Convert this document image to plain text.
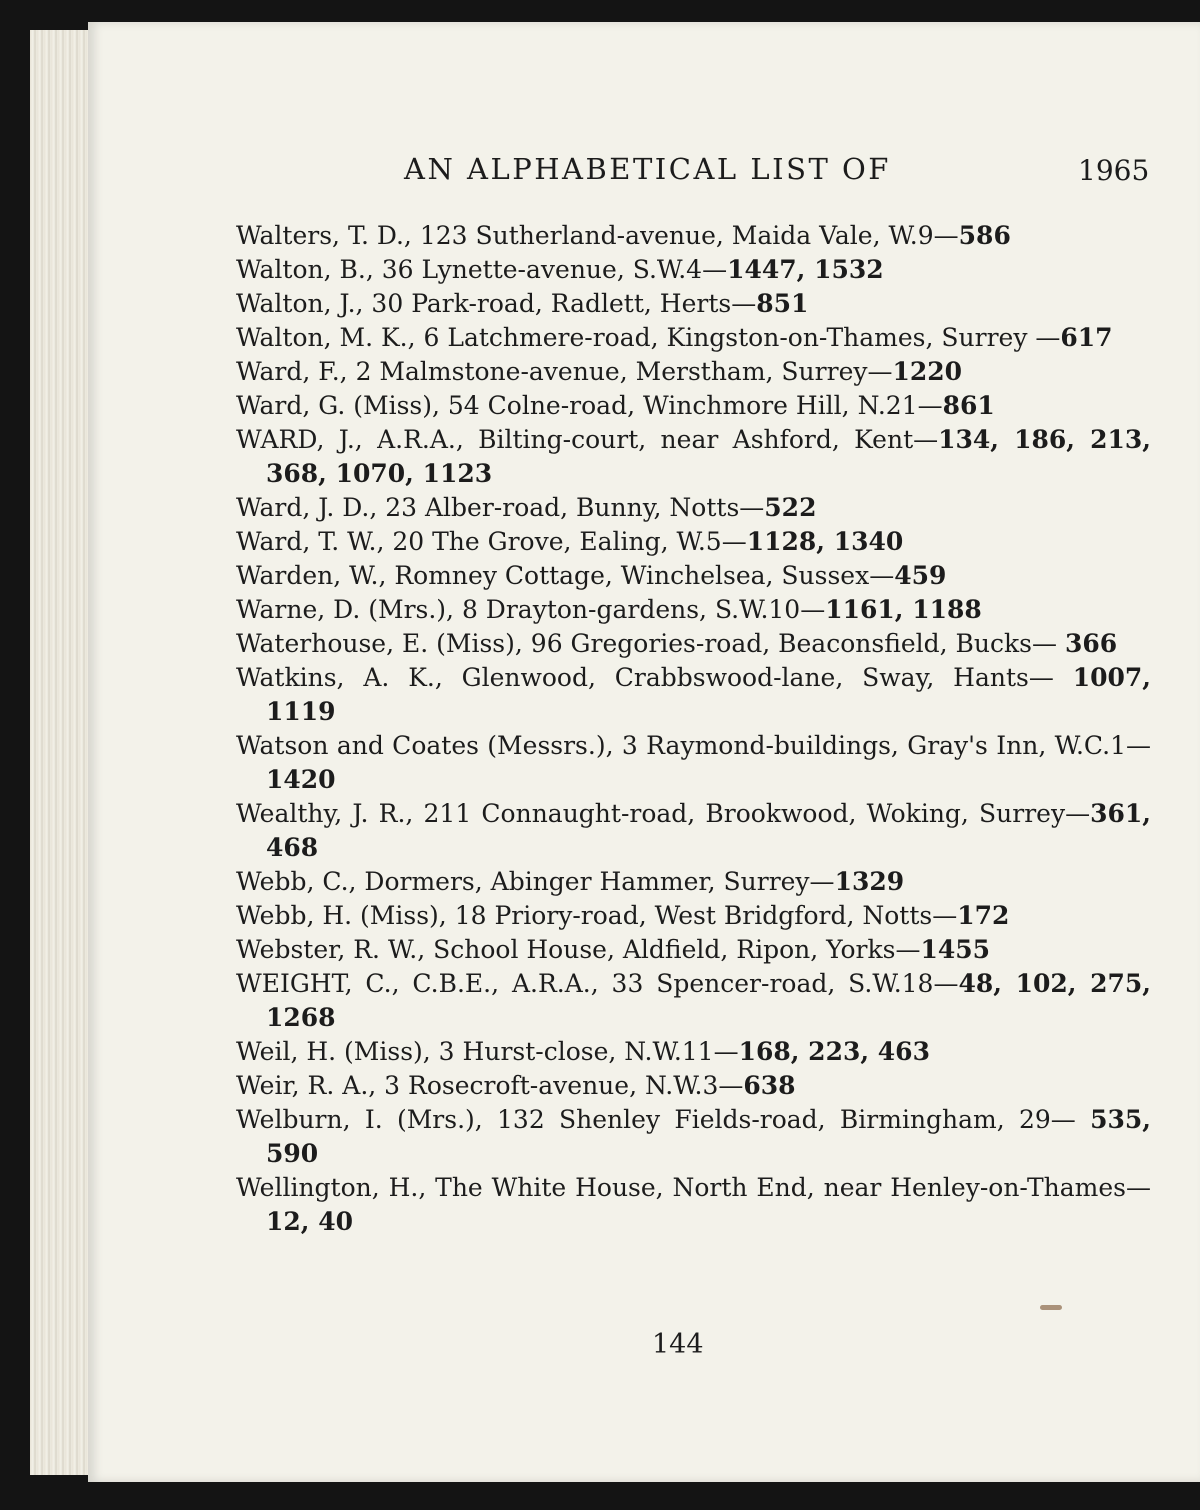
AN ALPHABETICAL LIST OF	1965
Walters, T. D., 123 Sutherland-avenue, Maida Vale, W.9—586
Walton, B., 36 Lynette-avenue, S.W.4—1447, 1532
Walton, J., 30 Park-road, Radlett, Herts—851
Walton, M. K., 6 Latchmere-road, Kingston-on-Thames, Surrey —617
Ward, F., 2 Malmstone-avenue, Merstham, Surrey—1220
Ward, G. (Miss), 54 Colne-road, Winchmore Hill, N.21—861
WARD, J., A.R.A., Bilting-court, near Ashford, Kent—134, 186, 213, 368, 1070, 1123
Ward, J. D., 23 Alber-road, Bunny, Notts—522
Ward, T. W., 20 The Grove, Ealing, W.5—1128, 1340
Warden, W., Romney Cottage, Winchelsea, Sussex—459
Warne, D. (Mrs.), 8 Drayton-gardens, S.W.10—1161, 1188
Waterhouse, E. (Miss), 96 Gregories-road, Beaconsfield, Bucks— 366
Watkins, A. K., Glenwood, Crabbswood-lane, Sway, Hants— 1007, 1119
Watson and Coates (Messrs.), 3 Raymond-buildings, Gray's Inn, W.C.1—1420
Wealthy, J. R., 211 Connaught-road, Brookwood, Woking, Surrey—361, 468
Webb, C., Dormers, Abinger Hammer, Surrey—1329
Webb, H. (Miss), 18 Priory-road, West Bridgford, Notts—172
Webster, R. W., School House, Aldfield, Ripon, Yorks—1455
WEIGHT, C., C.B.E., A.R.A., 33 Spencer-road, S.W.18—48, 102, 275, 1268
Weil, H. (Miss), 3 Hurst-close, N.W.11—168, 223, 463
Weir, R. A., 3 Rosecroft-avenue, N.W.3—638
Welburn, I. (Mrs.), 132 Shenley Fields-road, Birmingham, 29— 535, 590
Wellington, H., The White House, North End, near Henley-on-Thames—12, 40
144
